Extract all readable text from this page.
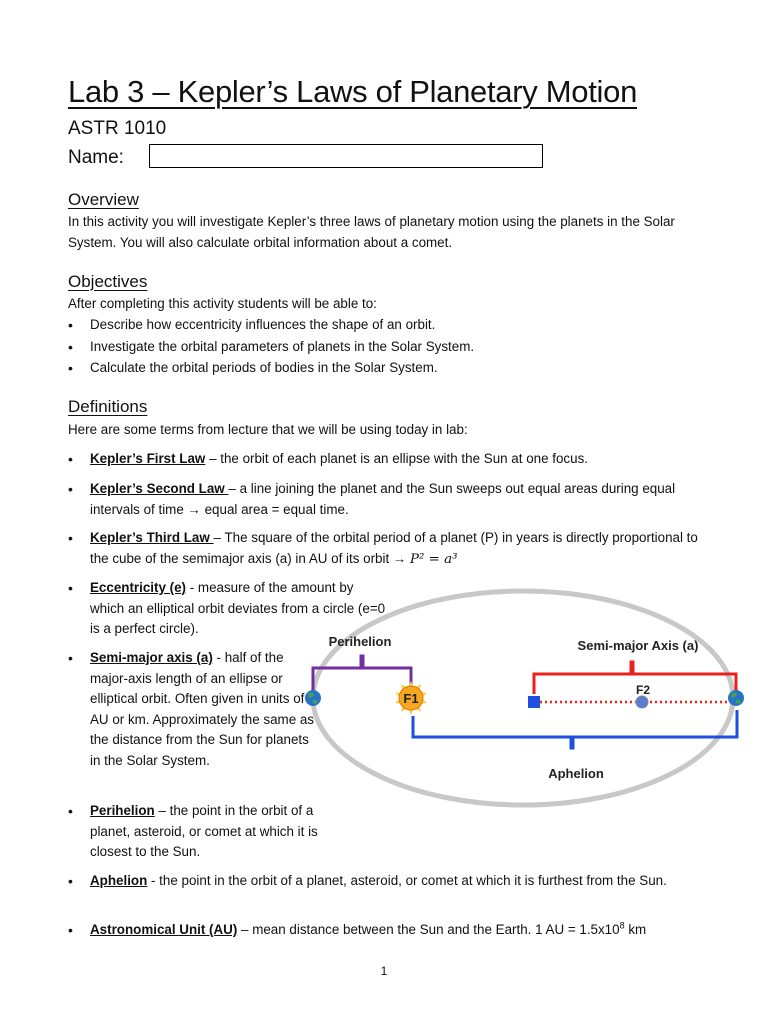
Lab 3 – Kepler’s Laws of Planetary Motion
ASTR 1010
Name:
Overview

In this activity you will investigate Kepler’s three laws of planetary motion using the planets in the Solar System. You will also calculate orbital information about a comet.

Objectives

After completing this activity students will be able to:

• Describe how eccentricity influences the shape of an orbit.
• Investigate the orbital parameters of planets in the Solar System.
• Calculate the orbital periods of bodies in the Solar System.
Definitions

Here are some terms from lecture that we will be using today in lab:

• Kepler’s First Law – the orbit of each planet is an ellipse with the Sun at one focus.
• Kepler’s Second Law – a line joining the planet and the Sun sweeps out equal areas during equal intervals of time → equal area = equal time.
• Kepler’s Third Law – The square of the orbital period of a planet (P) in years is directly proportional to the cube of the semimajor axis (a) in AU of its orbit → P² = a³
• Eccentricity (e) - measure of the amount by which an elliptical orbit deviates from a circle (e=0 is a perfect circle).
• Semi-major axis (a) - half of the major-axis length of an ellipse or elliptical orbit. Often given in units of AU or km. Approximately the same as the distance from the Sun for planets in the Solar System.
• Perihelion – the point in the orbit of a planet, asteroid, or comet at which it is closest to the Sun.
• Aphelion - the point in the orbit of a planet, asteroid, or comet at which it is furthest from the Sun.
• Astronomical Unit (AU) – mean distance between the Sun and the Earth. 1 AU = $1.5x10^8$ km
Perihelion	Semi-major Axis (a)
F2
Aphelion
F1
1
